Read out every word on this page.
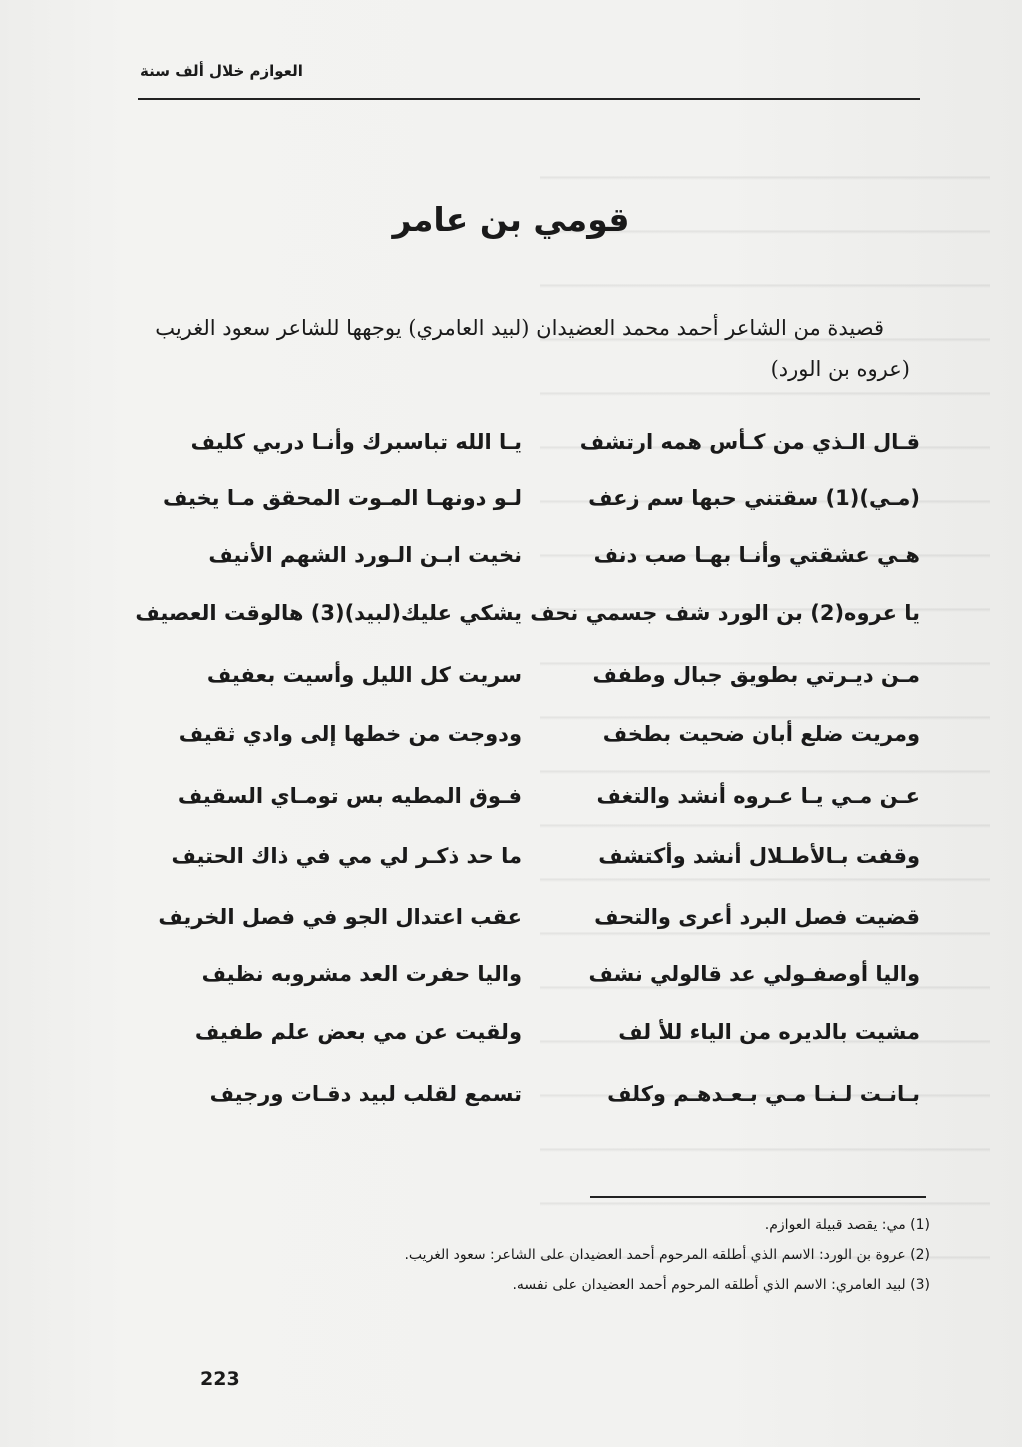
العوازم خلال ألف سنة
قومي بن عامر
قصيدة من الشاعر أحمد محمد العضيدان (لبيد العامري) يوجهها للشاعر سعود الغريب (عروه بن الورد)
قـال الـذي من كـأس همه ارتشف
يـا الله تباسبرك وأنـا دربي كليف
(مـي)(1) سقتني حبها سم زعف
لـو دونهـا المـوت المحقق مـا يخيف
هـي عشقتي وأنـا بهـا صب دنف
نخيت ابـن الـورد الشهم الأنيف
يا عروه(2) بن الورد شف جسمي نحف
يشكي عليك(لبيد)(3) هالوقت العصيف
مـن ديـرتي بطويق جبال وطفف
سريت كل الليل وأسيت بعفيف
ومريت ضلع أبان ضحيت بطخف
ودوجت من خطها إلى وادي ثقيف
عـن مـي يـا عـروه أنشد والتغف
فـوق المطيه بس تومـاي السقيف
وقفت بـالأطـلال أنشد وأكتشف
ما حد ذكـر لي مي في ذاك الحتيف
قضيت فصل البرد أعرى والتحف
عقب اعتدال الجو في فصل الخريف
واليا أوصفـولي عد قالولي نشف
واليا حفرت العد مشروبه نظيف
مشيت بالديره من الياء للأ لف
ولقيت عن مي بعض علم طفيف
بـانـت لـنـا مـي بـعـدهـم وكلف
تسمع لقلب لبيد دقـات ورجيف
(1) مي: يقصد قبيلة العوازم.
(2) عروة بن الورد: الاسم الذي أطلقه المرحوم أحمد العضيدان على الشاعر: سعود الغريب.
(3) لبيد العامري: الاسم الذي أطلقه المرحوم أحمد العضيدان على نفسه.
223
